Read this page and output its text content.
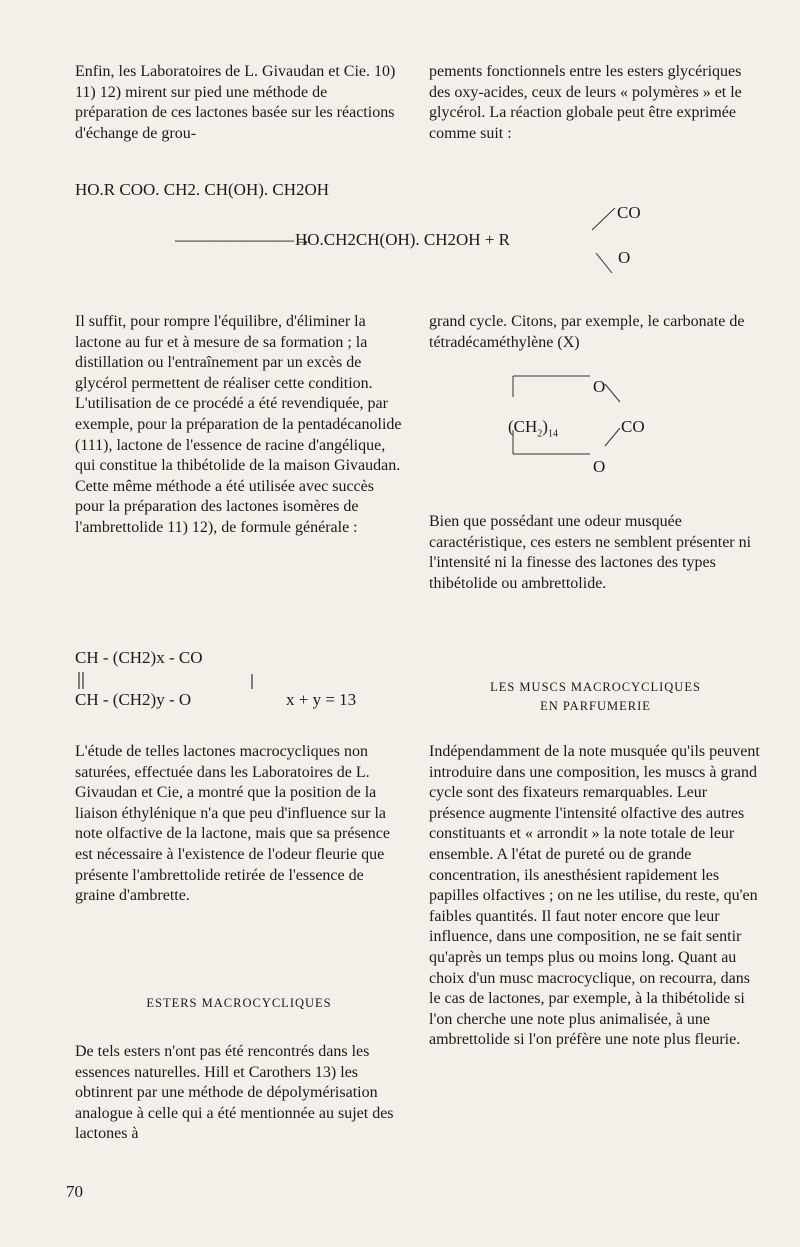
Enfin, les Laboratoires de L. Givaudan et Cie. 10) 11) 12) mirent sur pied une méthode de préparation de ces lactones basée sur les réactions d'échange de grou-

pements fonctionnels entre les esters glycériques des oxy-acides, ceux de leurs « polymères » et le glycérol. La réaction globale peut être exprimée comme suit :

HO.R COO. CH2. CH(OH). CH2OH
———————→
HO.CH2CH(OH). CH2OH + R
CO
O

Il suffit, pour rompre l'équilibre, d'éliminer la lactone au fur et à mesure de sa formation ; la distillation ou l'entraînement par un excès de glycérol permettent de réaliser cette condition.

L'utilisation de ce procédé a été revendiquée, par exemple, pour la préparation de la pentadécanolide (111), lactone de l'essence de racine d'angélique, qui constitue la thibétolide de la maison Givaudan.

Cette même méthode a été utilisée avec succès pour la préparation des lactones isomères de l'ambrettolide 11) 12), de formule générale :

CH - (CH2)x - CO
CH - (CH2)y - O	x + y = 13

L'étude de telles lactones macrocycliques non saturées, effectuée dans les Laboratoires de L. Givaudan et Cie, a montré que la position de la liaison éthylénique n'a que peu d'influence sur la note olfactive de la lactone, mais que sa présence est nécessaire à l'existence de l'odeur fleurie que présente l'ambrettolide retirée de l'essence de graine d'ambrette.

ESTERS MACROCYCLIQUES

De tels esters n'ont pas été rencontrés dans les essences naturelles. Hill et Carothers 13) les obtinrent par une méthode de dépolymérisation analogue à celle qui a été mentionnée au sujet des lactones à

grand cycle. Citons, par exemple, le carbonate de tétradécaméthylène (X)

O
$(CH_2)_{14}$	CO
O

Bien que possédant une odeur musquée caractéristique, ces esters ne semblent présenter ni l'intensité ni la finesse des lactones des types thibétolide ou ambrettolide.

LES MUSCS MACROCYCLIQUES
EN PARFUMERIE

Indépendamment de la note musquée qu'ils peuvent introduire dans une composition, les muscs à grand cycle sont des fixateurs remarquables. Leur présence augmente l'intensité olfactive des autres constituants et « arrondit » la note totale de leur ensemble. A l'état de pureté ou de grande concentration, ils anesthésient rapidement les papilles olfactives ; on ne les utilise, du reste, qu'en faibles quantités. Il faut noter encore que leur influence, dans une composition, ne se fait sentir qu'après un temps plus ou moins long. Quant au choix d'un musc macrocyclique, on recourra, dans le cas de lactones, par exemple, à la thibétolide si l'on cherche une note plus animalisée, à une ambrettolide si l'on préfère une note plus fleurie.

70
